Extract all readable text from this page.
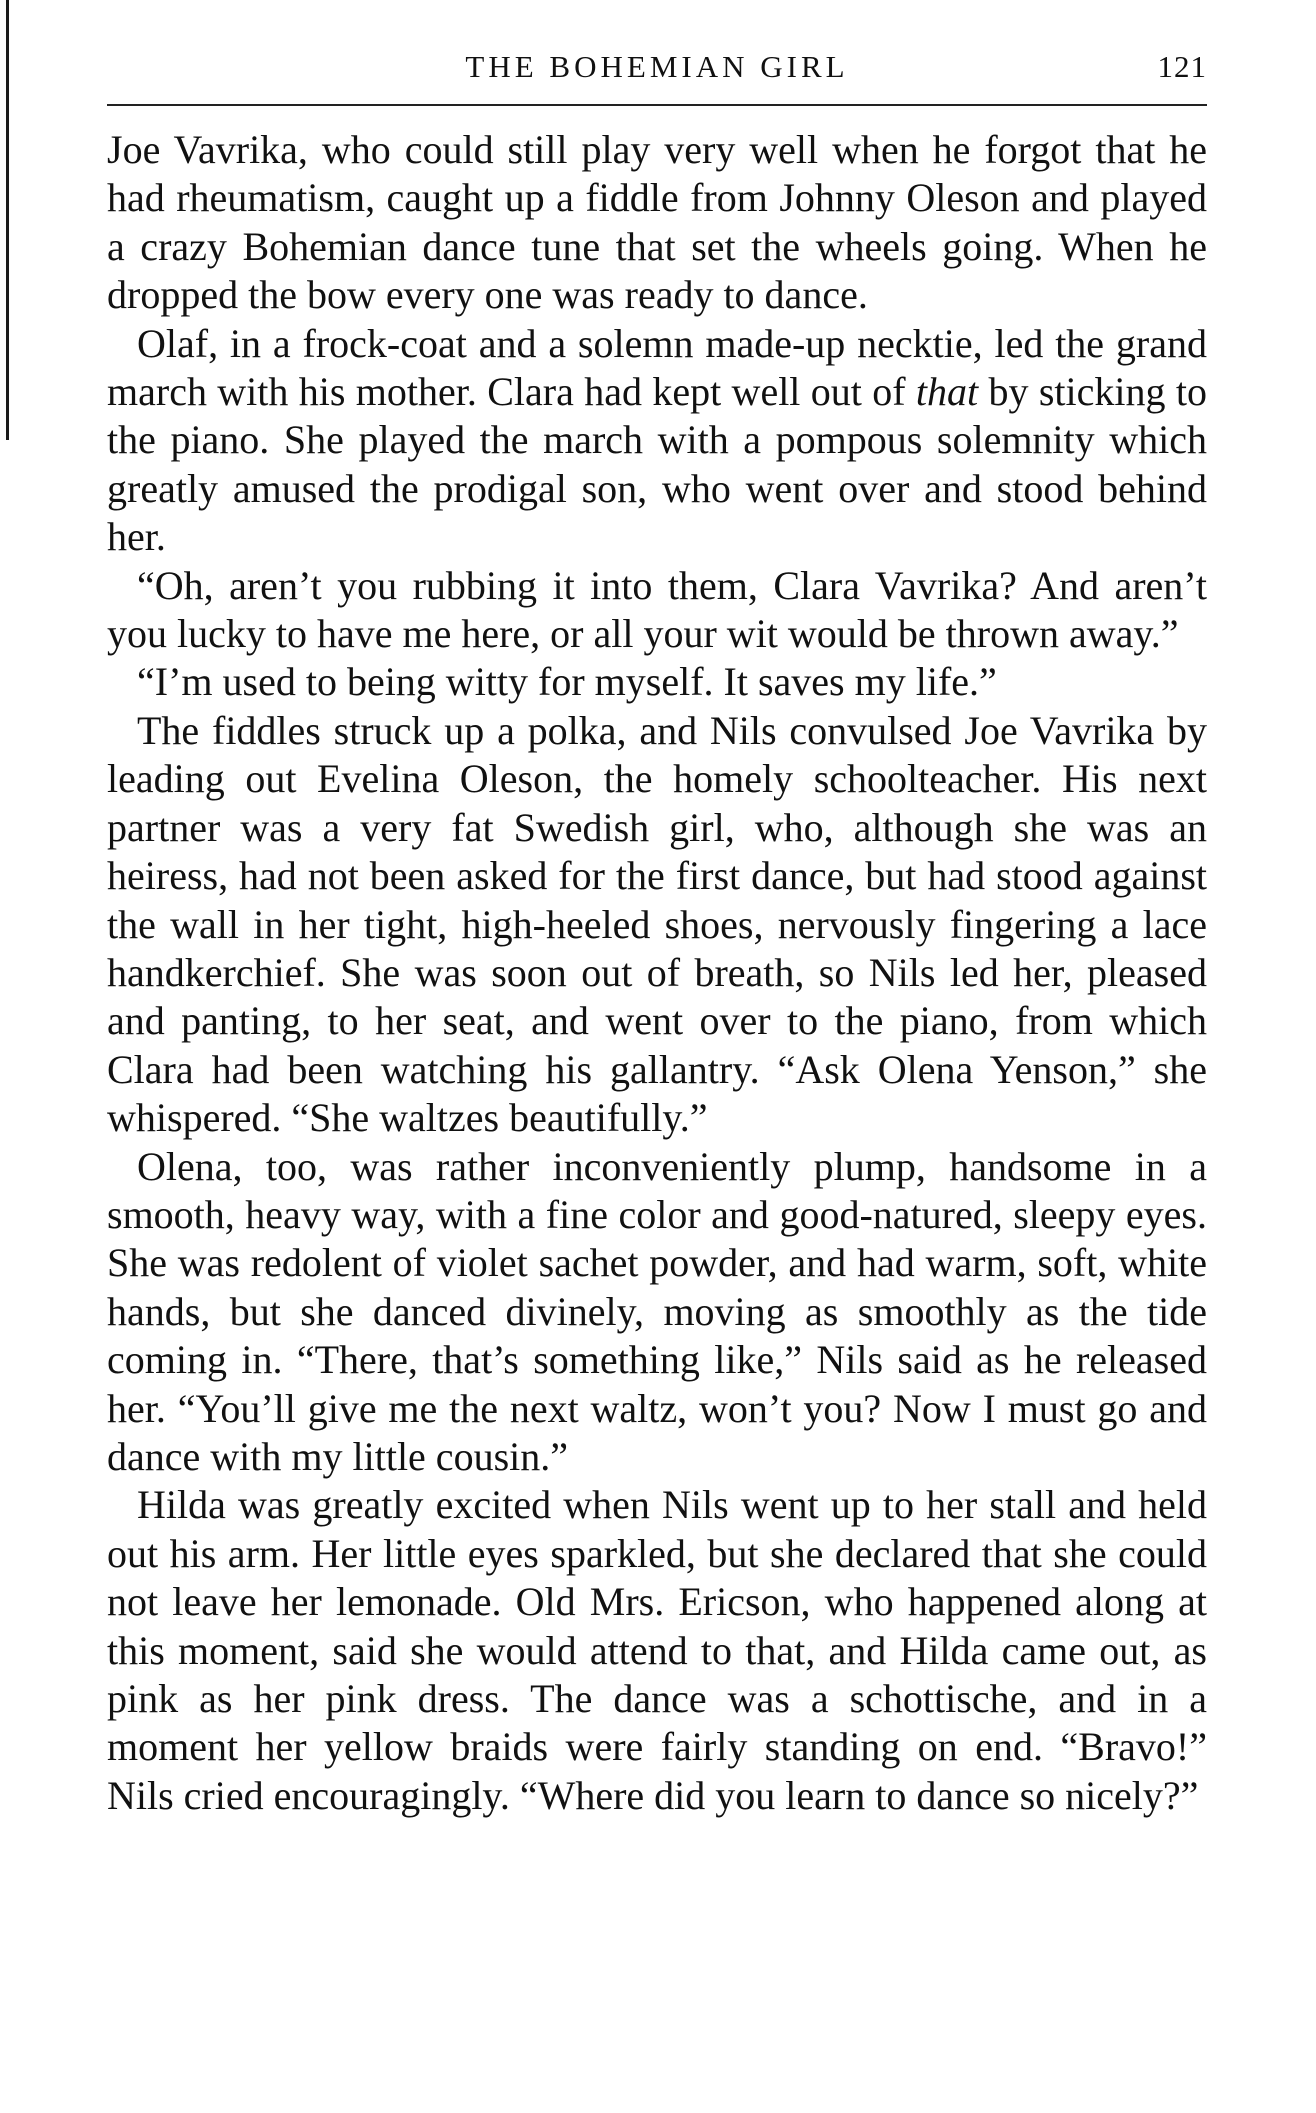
THE BOHEMIAN GIRL	121

Joe Vavrika, who could still play very well when he forgot that he had rheumatism, caught up a fiddle from Johnny Oleson and played a crazy Bohemian dance tune that set the wheels going. When he dropped the bow every one was ready to dance.

Olaf, in a frock-coat and a solemn made-up necktie, led the grand march with his mother. Clara had kept well out of that by sticking to the piano. She played the march with a pompous solemnity which greatly amused the prodigal son, who went over and stood behind her.

“Oh, aren’t you rubbing it into them, Clara Vavrika? And aren’t you lucky to have me here, or all your wit would be thrown away.”

“I’m used to being witty for myself. It saves my life.”

The fiddles struck up a polka, and Nils convulsed Joe Vavrika by leading out Evelina Oleson, the homely schoolteacher. His next partner was a very fat Swedish girl, who, although she was an heiress, had not been asked for the first dance, but had stood against the wall in her tight, high-heeled shoes, nervously fingering a lace handkerchief. She was soon out of breath, so Nils led her, pleased and panting, to her seat, and went over to the piano, from which Clara had been watching his gallantry. “Ask Olena Yenson,” she whispered. “She waltzes beautifully.”

Olena, too, was rather inconveniently plump, handsome in a smooth, heavy way, with a fine color and good-natured, sleepy eyes. She was redolent of violet sachet powder, and had warm, soft, white hands, but she danced divinely, moving as smoothly as the tide coming in. “There, that’s something like,” Nils said as he released her. “You’ll give me the next waltz, won’t you? Now I must go and dance with my little cousin.”

Hilda was greatly excited when Nils went up to her stall and held out his arm. Her little eyes sparkled, but she declared that she could not leave her lemonade. Old Mrs. Ericson, who happened along at this moment, said she would attend to that, and Hilda came out, as pink as her pink dress. The dance was a schottische, and in a moment her yellow braids were fairly standing on end. “Bravo!” Nils cried encouragingly. “Where did you learn to dance so nicely?”
